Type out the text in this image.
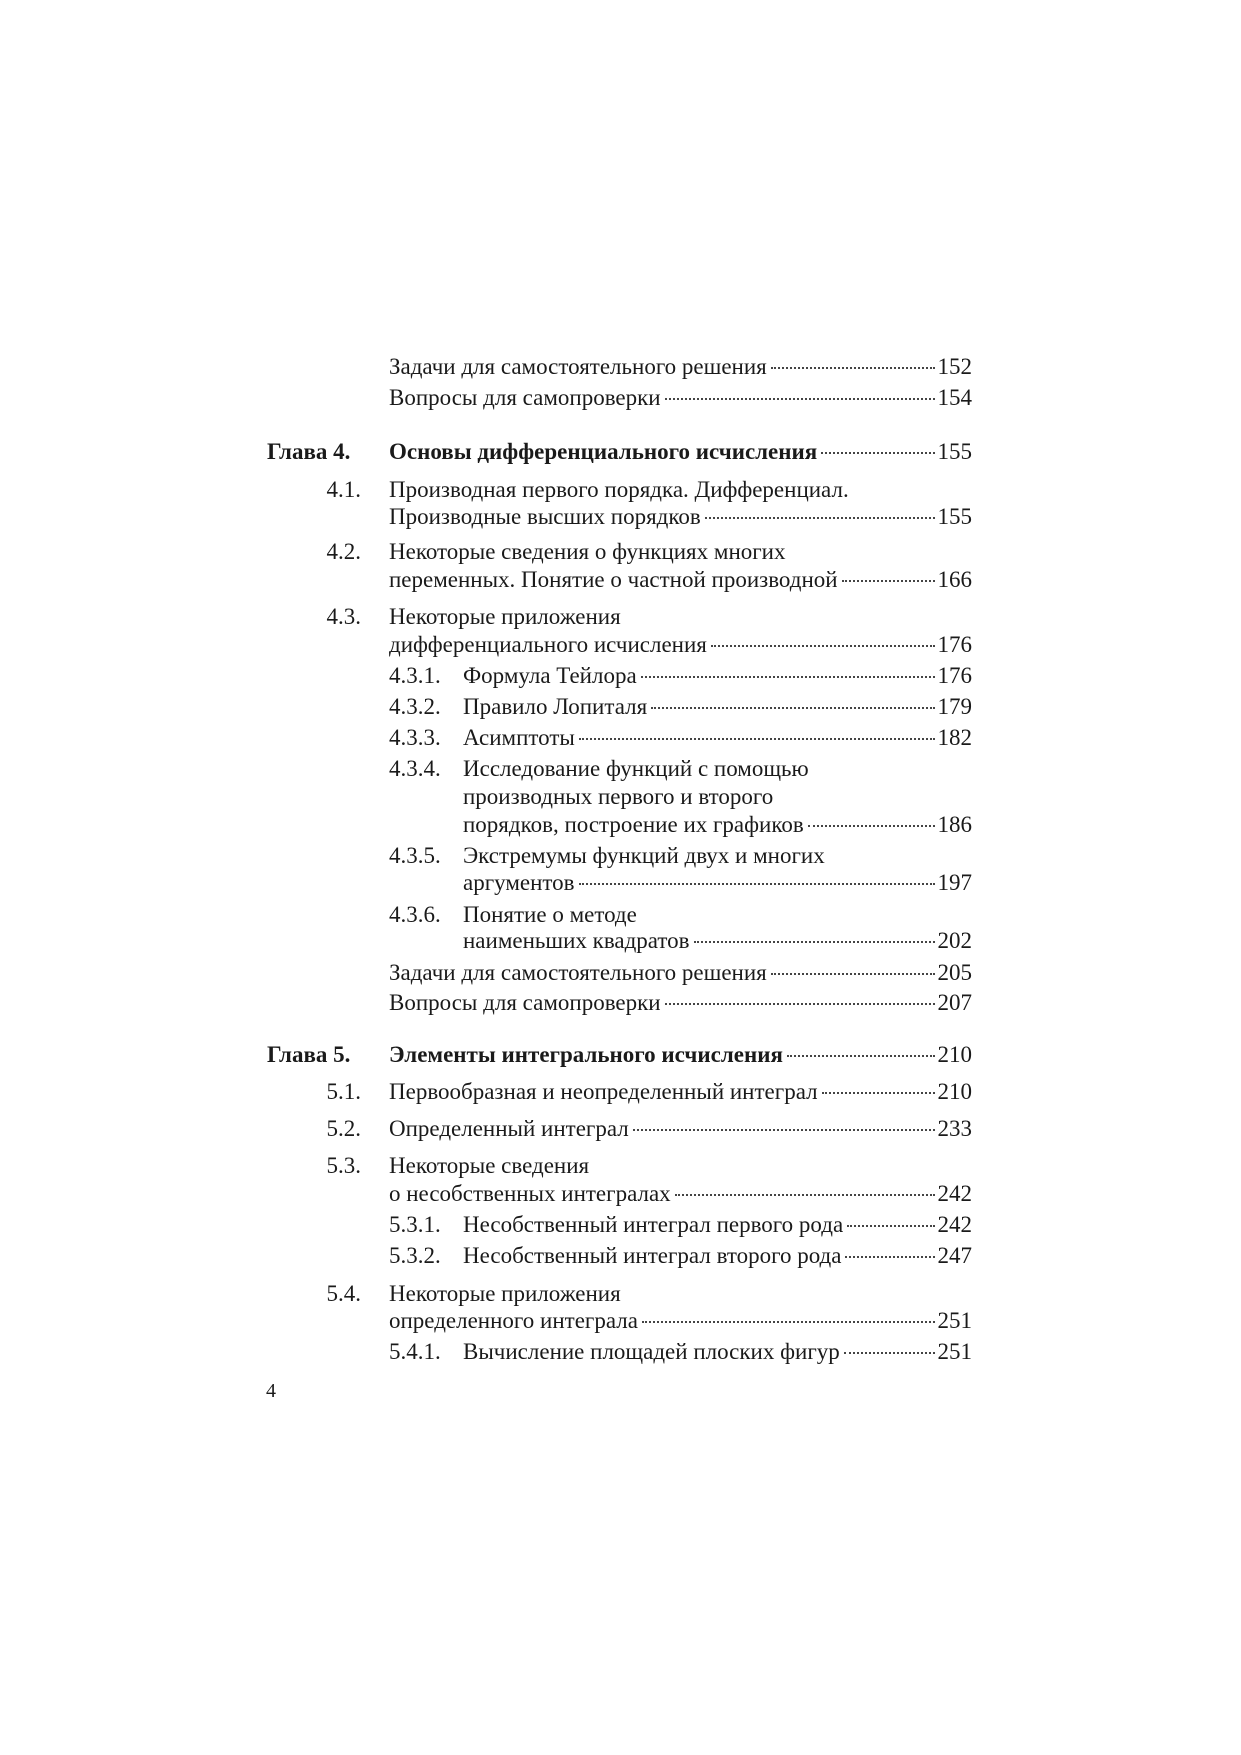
4
Задачи для самостоятельного решения	152
Вопросы для самопроверки	154
Глава 4. Основы дифференциального исчисления	155
4.1. Производная первого порядка. Дифференциал.
Производные высших порядков	155
4.2. Некоторые сведения о функциях многих
переменных. Понятие о частной производной	166
4.3. Некоторые приложения
дифференциального исчисления	176
4.3.1. Формула Тейлора	176
4.3.2. Правило Лопиталя	179
4.3.3. Асимптоты	182
4.3.4. Исследование функций с помощью
производных первого и второго
порядков, построение их графиков	186
4.3.5. Экстремумы функций двух и многих
аргументов	197
4.3.6. Понятие о методе
наименьших квадратов	202
Задачи для самостоятельного решения	205
Вопросы для самопроверки	207
Глава 5. Элементы интегрального исчисления	210
5.1. Первообразная и неопределенный интеграл	210
5.2. Определенный интеграл	233
5.3. Некоторые сведения
о несобственных интегралах	242
5.3.1. Несобственный интеграл первого рода	242
5.3.2. Несобственный интеграл второго рода	247
5.4. Некоторые приложения
определенного интеграла	251
5.4.1. Вычисление площадей плоских фигур	251
